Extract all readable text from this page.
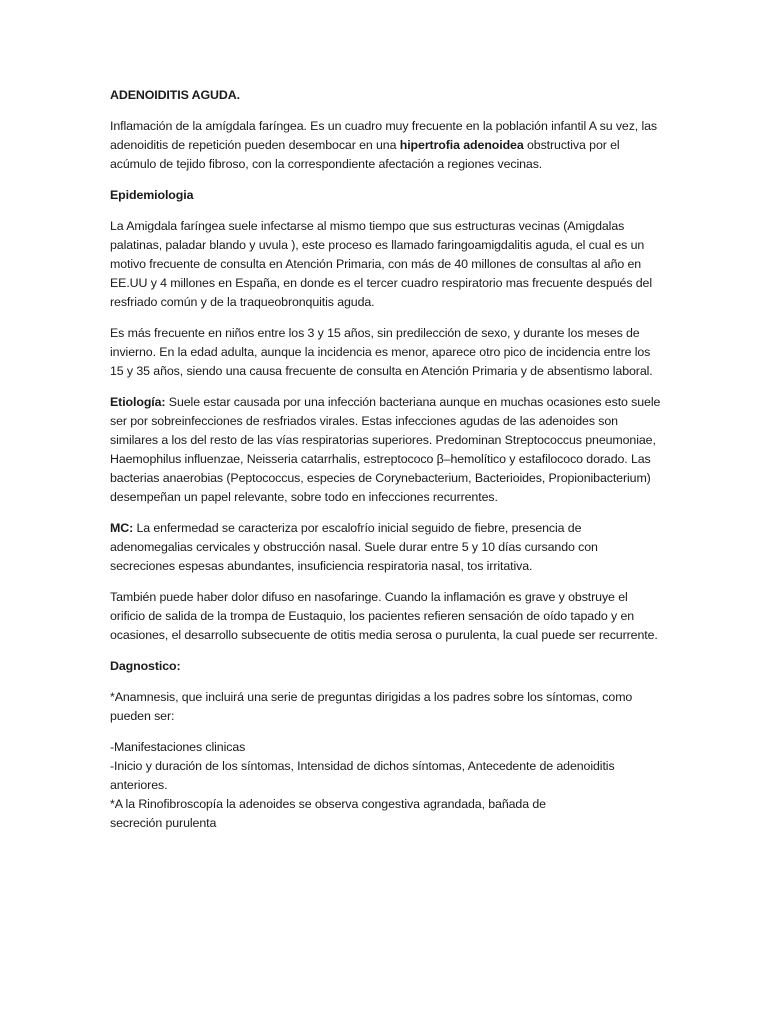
ADENOIDITIS AGUDA.

Inflamación de la amígdala faríngea. Es un cuadro muy frecuente en la población infantil A su vez, las adenoiditis de repetición pueden desembocar en una hipertrofia adenoidea obstructiva por el acúmulo de tejido fibroso, con la correspondiente afectación a regiones vecinas.

Epidemiologia

La Amigdala faríngea suele infectarse al mismo tiempo que sus estructuras vecinas (Amigdalas palatinas, paladar blando y uvula ), este proceso es llamado faringoamigdalitis aguda, el cual es un motivo frecuente de consulta en Atención Primaria, con más de 40 millones de consultas al año en EE.UU y 4 millones en España, en donde es el tercer cuadro respiratorio mas frecuente después del resfriado común y de la traqueobronquitis aguda.

Es más frecuente en niños entre los 3 y 15 años, sin predilección de sexo, y durante los meses de invierno. En la edad adulta, aunque la incidencia es menor, aparece otro pico de incidencia entre los 15 y 35 años, siendo una causa frecuente de consulta en Atención Primaria y de absentismo laboral.

Etiología: Suele estar causada por una infección bacteriana aunque en muchas ocasiones esto suele ser por sobreinfecciones de resfriados virales. Estas infecciones agudas de las adenoides son similares a los del resto de las vías respiratorias superiores. Predominan Streptococcus pneumoniae, Haemophilus influenzae, Neisseria catarrhalis, estreptococo β–hemolítico y estafilococo dorado. Las bacterias anaerobias (Peptococcus, especies de Corynebacterium, Bacterioides, Propionibacterium) desempeñan un papel relevante, sobre todo en infecciones recurrentes.

MC: La enfermedad se caracteriza por escalofrío inicial seguido de fiebre, presencia de adenomegalias cervicales y obstrucción nasal. Suele durar entre 5 y 10 días cursando con secreciones espesas abundantes, insuficiencia respiratoria nasal, tos irritativa.

También puede haber dolor difuso en nasofaringe. Cuando la inflamación es grave y obstruye el orificio de salida de la trompa de Eustaquio, los pacientes refieren sensación de oído tapado y en ocasiones, el desarrollo subsecuente de otitis media serosa o purulenta, la cual puede ser recurrente.

Dagnostico:

*Anamnesis, que incluirá una serie de preguntas dirigidas a los padres sobre los síntomas, como pueden ser:

-Manifestaciones clinicas

-Inicio y duración de los síntomas, Intensidad de dichos síntomas, Antecedente de adenoiditis anteriores.

*A la Rinofibroscopía la adenoides se observa congestiva agrandada, bañada de

secreción purulenta
